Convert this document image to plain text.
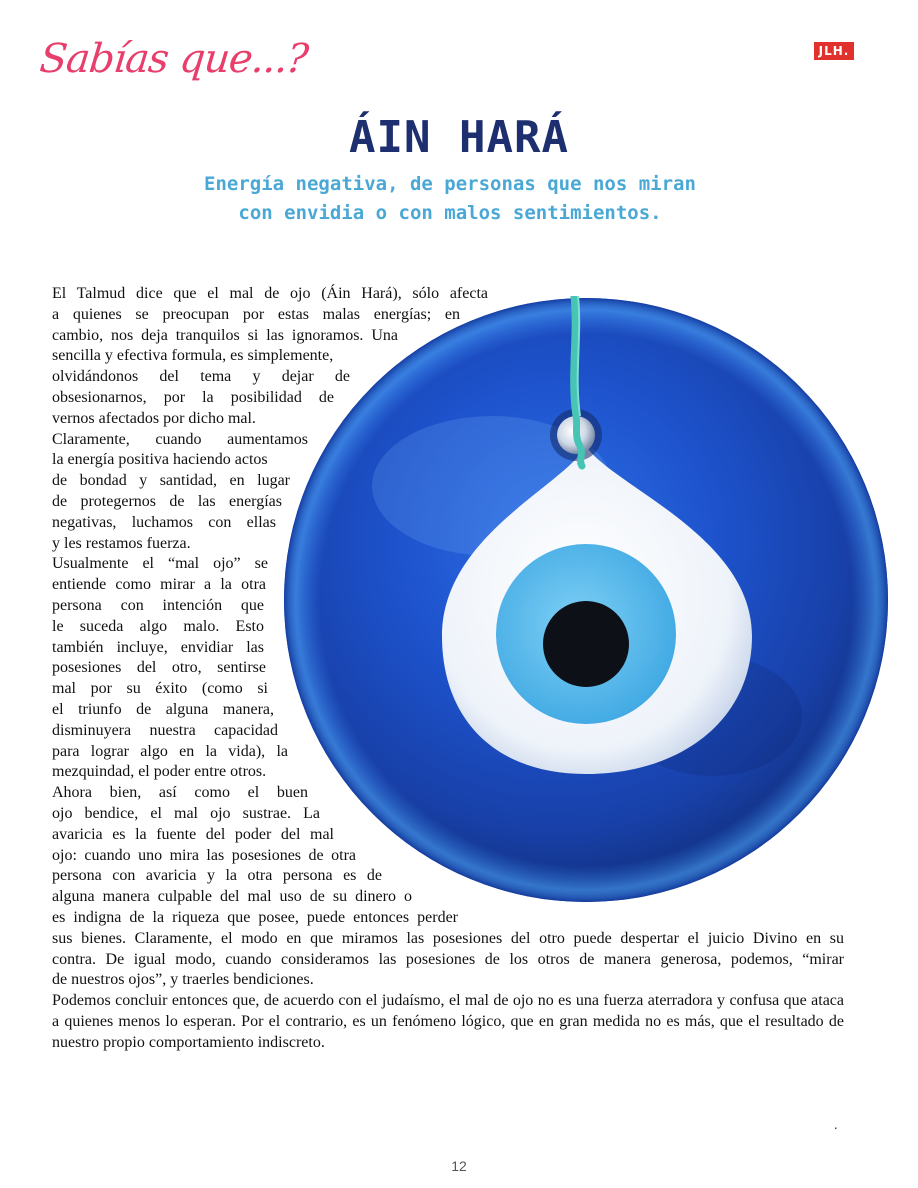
Sabías que...?	JLH.
ÁIN HARÁ
Energía negativa, de personas que nos miran
con envidia o con malos sentimientos.
El Talmud dice que el mal de ojo (Áin Hará), sólo afecta
a quienes se preocupan por estas malas energías; en
cambio, nos deja tranquilos si las ignoramos. Una
sencilla y efectiva formula, es simplemente,
olvidándonos del tema y dejar de
obsesionarnos, por la posibilidad de
vernos afectados por dicho mal.
Claramente, cuando aumentamos
la energía positiva haciendo actos
de bondad y santidad, en lugar
de protegernos de las energías
negativas, luchamos con ellas
y les restamos fuerza.
Usualmente el “mal ojo” se
entiende como mirar a la otra
persona con intención que
le suceda algo malo. Esto
también incluye, envidiar las
posesiones del otro, sentirse
mal por su éxito (como si
el triunfo de alguna manera,
disminuyera nuestra capacidad
para lograr algo en la vida), la
mezquindad, el poder entre otros.
Ahora bien, así como el buen
ojo bendice, el mal ojo sustrae. La
avaricia es la fuente del poder del mal
ojo: cuando uno mira las posesiones de otra
persona con avaricia y la otra persona es de
alguna manera culpable del mal uso de su dinero o
es indigna de la riqueza que posee, puede entonces perder
sus bienes. Claramente, el modo en que miramos las posesiones del otro puede despertar el juicio Divino en su
contra. De igual modo, cuando consideramos las posesiones de los otros de manera generosa, podemos, “mirar
de nuestros ojos”, y traerles bendiciones.

Podemos concluir entonces que, de acuerdo con el judaísmo, el mal de ojo no es una fuerza aterradora y confusa que ataca a quienes menos lo esperan. Por el contrario, es un fenómeno lógico, que en gran medida no es más, que el resultado de nuestro propio comportamiento indiscreto.

.
12
